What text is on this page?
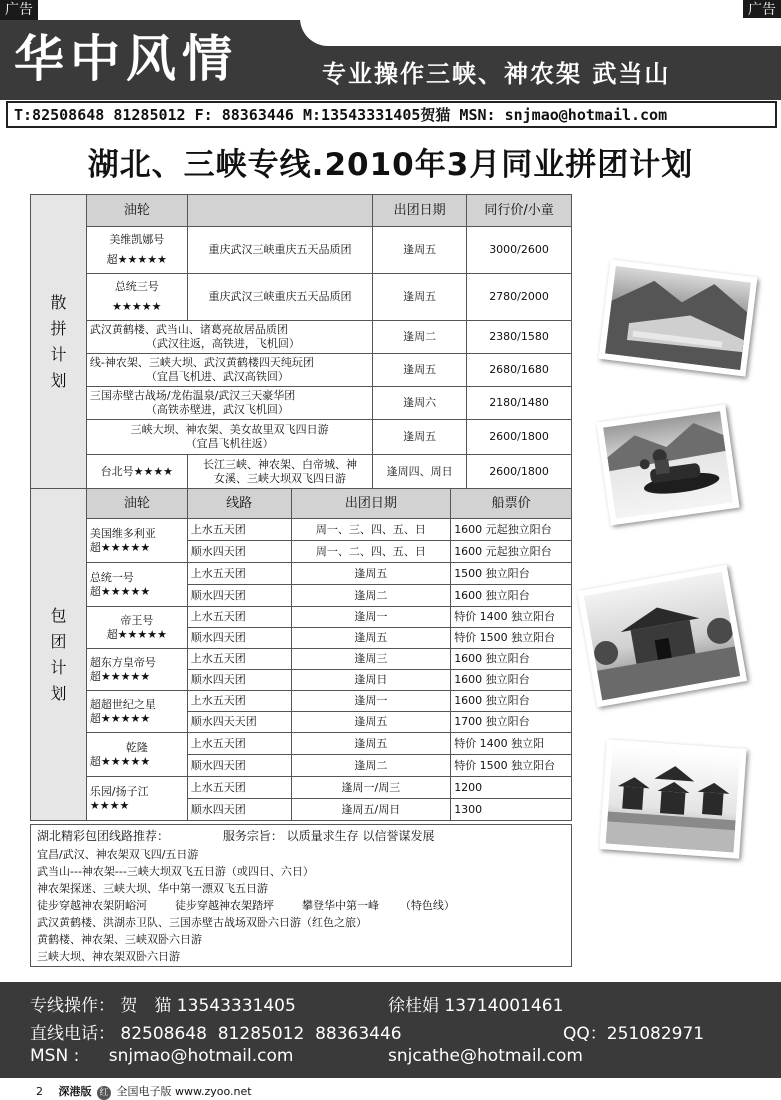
广告	广告
华中风情	专业操作三峡、神农架 武当山
T:82508648 81285012 F: 88363446 M:13543331405贺猫 MSN: snjmao@hotmail.com
湖北、三峡专线.2010年3月同业拼团计划
散
拼
计
划	油轮		出团日期	同行价/小童

	美维凯娜号
超★★★★★	重庆武汉三峡重庆五天品质团	逢周五	3000/2600

	总统三号
★★★★★	重庆武汉三峡重庆五天品质团	逢周五	2780/2000

	武汉黄鹤楼、武当山、诸葛亮故居品质团
（武汉往返，高铁进，飞机回）		逢周二	2380/1580

	线-神农架、三峡大坝、武汉黄鹤楼四天纯玩团
（宜昌飞机进、武汉高铁回）		逢周五	2680/1680

	三国赤壁古战场/龙佑温泉/武汉三天豪华团
（高铁赤壁进，武汉飞机回）		逢周六	2180/1480

	三峡大坝、神农架、美女故里双飞四日游
（宜昌飞机往返）		逢周五	2600/1800
	台北号★★★★	长江三峡、神农架、白帝城、神
女溪、三峡大坝双飞四日游	逢周四、周日	2600/1800
包
团
计
划	油轮	线路	出团日期	船票价

	美国维多利亚
超★★★★★	上水五天团	周一、三、四、五、日	1600 元起独立阳台
		顺水四天团	周一、二、四、五、日	1600 元起独立阳台

	总统一号
超★★★★★	上水五天团	逢周五	1500 独立阳台
		顺水四天团	逢周二	1600 独立阳台

	帝王号
超★★★★★	上水五天团	逢周一	特价 1400 独立阳台
		顺水四天团	逢周五	特价 1500 独立阳台

	超东方皇帝号
超★★★★★	上水五天团	逢周三	1600 独立阳台
		顺水四天团	逢周日	1600 独立阳台

	超超世纪之星
超★★★★★	上水五天团	逢周一	1600 独立阳台
		顺水四天天团	逢周五	1700 独立阳台

	乾隆
超★★★★★	上水五天团	逢周五	特价 1400 独立阳
		顺水四天团	逢周二	特价 1500 独立阳台

	乐园/扬子江
★★★★	上水五天团	逢周一/周三	1200
		顺水四天团	逢周五/周日	1300
湖北精彩包团线路推荐：	服务宗旨： 以质量求生存 以信誉谋发展
宜昌/武汉、神农架双飞四/五日游
武当山---神农架---三峡大坝双飞五日游（或四日、六日）
神农架探迷、三峡大坝、华中第一漂双飞五日游
徒步穿越神农架阴峪河        徒步穿越神农架踏坪        攀登华中第一峰      （特色线）
武汉黄鹤楼、洪湖赤卫队、三国赤壁古战场双卧六日游（红色之旅）
黄鹤楼、神农架、三峡双卧六日游
三峡大坝、神农架双卧六日游
专线操作： 贺　猫 13543331405	徐桂娟 13714001461
直线电话： 82508648  81285012  88363446	QQ：251082971
MSN : snjmao@hotmail.com	snjcathe@hotmail.com
2 深港版 红 全国电子版 www.zyoo.net
